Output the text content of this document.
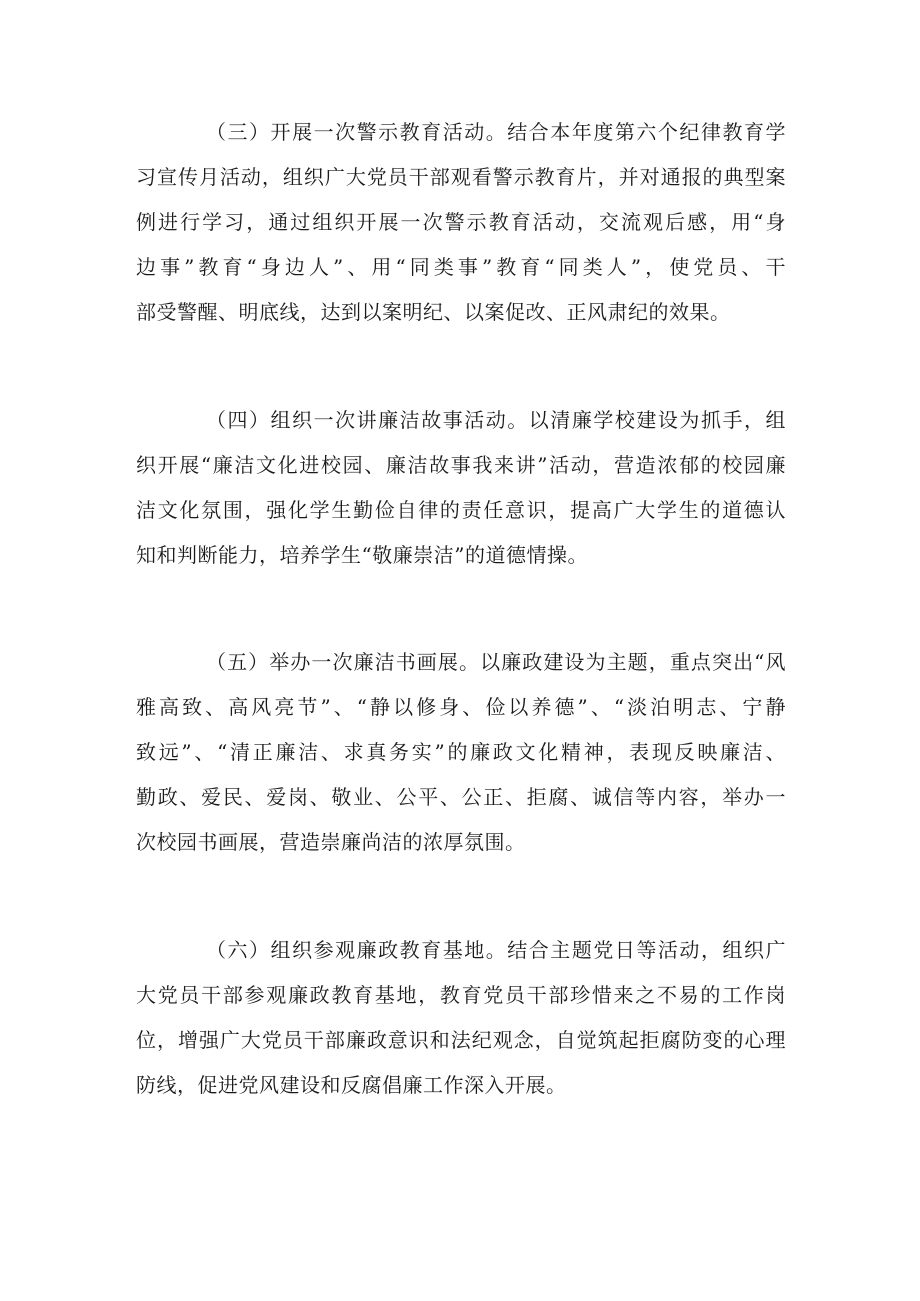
（三）开展一次警示教育活动。结合本年度第六个纪律教育学
习宣传月活动，组织广大党员干部观看警示教育片，并对通报的典型案
例进行学习，通过组织开展一次警示教育活动，交流观后感，用“身
边事”教育“身边人”、用“同类事”教育“同类人”，使党员、干
部受警醒、明底线，达到以案明纪、以案促改、正风肃纪的效果。
（四）组织一次讲廉洁故事活动。以清廉学校建设为抓手，组
织开展“廉洁文化进校园、廉洁故事我来讲”活动，营造浓郁的校园廉
洁文化氛围，强化学生勤俭自律的责任意识，提高广大学生的道德认
知和判断能力，培养学生“敬廉崇洁”的道德情操。
（五）举办一次廉洁书画展。以廉政建设为主题，重点突出“风
雅高致、高风亮节”、“静以修身、俭以养德”、“淡泊明志、宁静
致远”、“清正廉洁、求真务实”的廉政文化精神，表现反映廉洁、
勤政、爱民、爱岗、敬业、公平、公正、拒腐、诚信等内容，举办一
次校园书画展，营造崇廉尚洁的浓厚氛围。
（六）组织参观廉政教育基地。结合主题党日等活动，组织广
大党员干部参观廉政教育基地，教育党员干部珍惜来之不易的工作岗
位，增强广大党员干部廉政意识和法纪观念，自觉筑起拒腐防变的心理
防线，促进党风建设和反腐倡廉工作深入开展。
